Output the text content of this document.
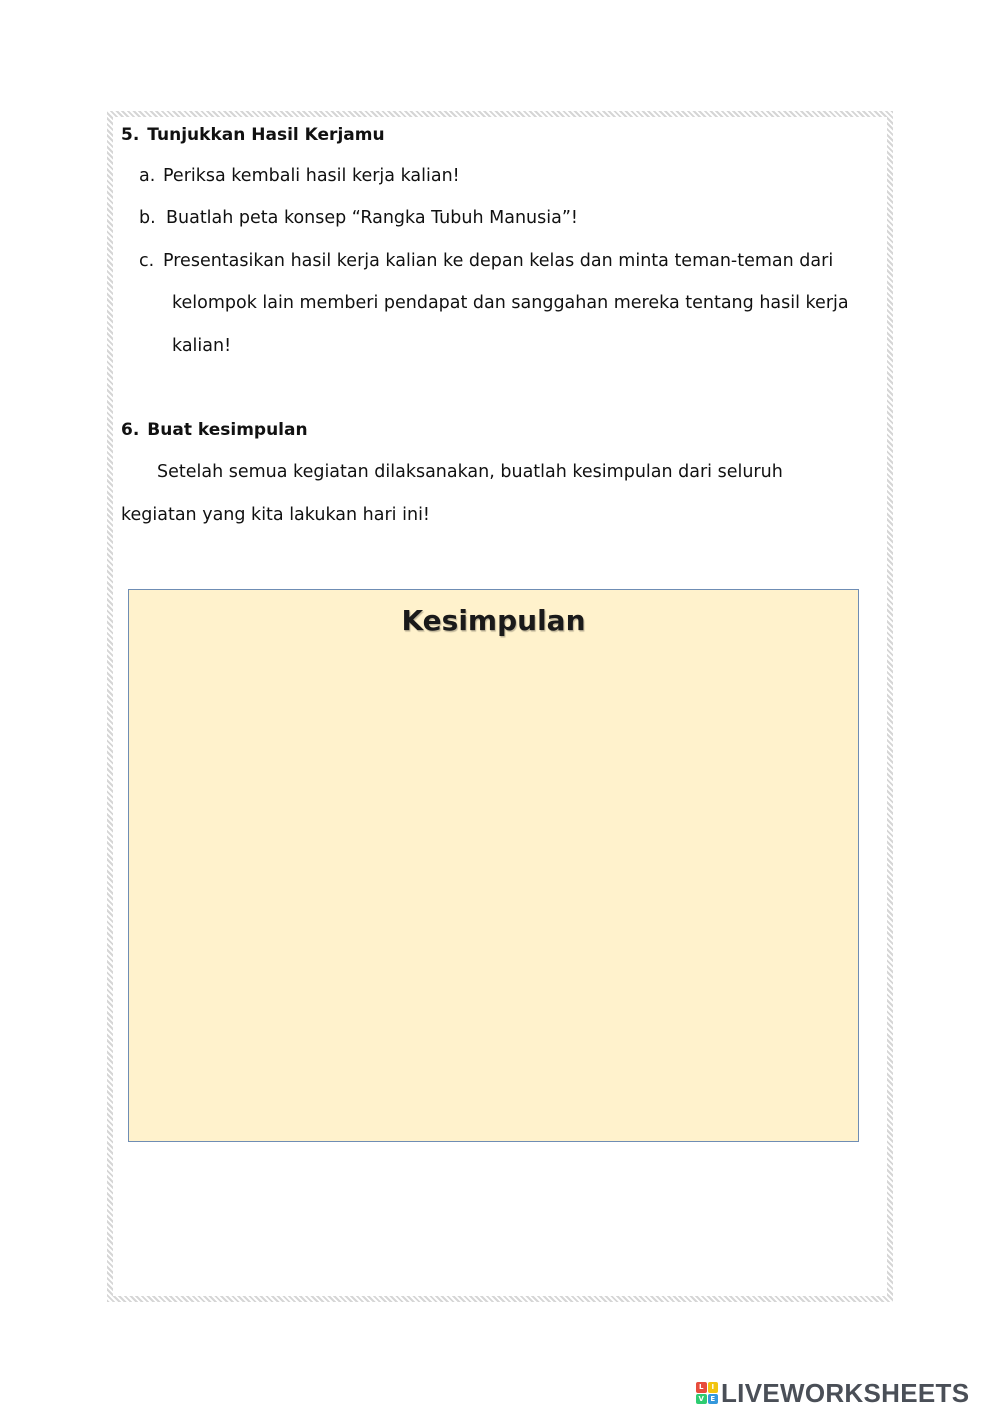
5. Tunjukkan Hasil Kerjamu

a. Periksa kembali hasil kerja kalian!

b. Buatlah peta konsep “Rangka Tubuh Manusia”!

c. Presentasikan hasil kerja kalian ke depan kelas dan minta teman-teman dari

kelompok lain memberi pendapat dan sanggahan mereka tentang hasil kerja

kalian!

6. Buat kesimpulan

Setelah semua kegiatan dilaksanakan, buatlah kesimpulan dari seluruh

kegiatan yang kita lakukan hari ini!

Kesimpulan
L	I
V E LIVEWORKSHEETS
